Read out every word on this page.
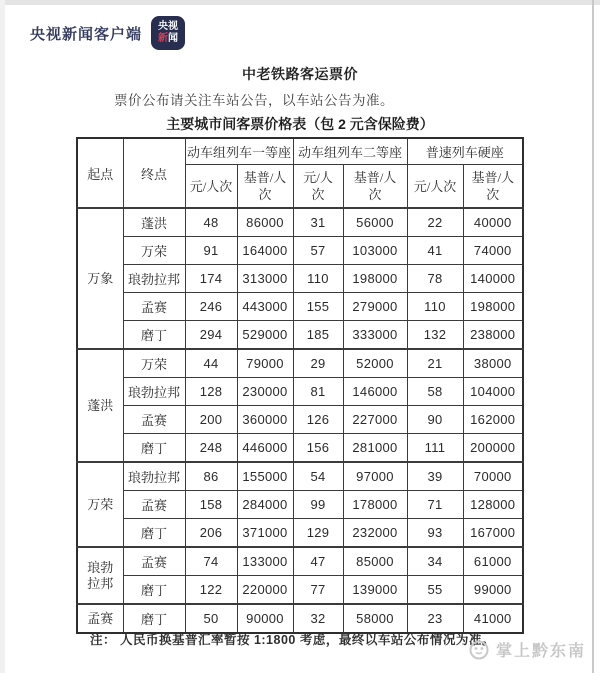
央视新闻客户端 央视
新闻
中老铁路客运票价
票价公布请关注车站公告，以车站公告为准。
主要城市间客票价格表（包 2 元含保险费）
起点	终点	动车组列车一等座		动车组列车二等座		普速列车硬座	
		元/人次	基普/人次	元/人次	基普/人次	元/人次	基普/人次
万象	蓬洪	48	86000	31	56000	22	40000
	万荣	91	164000	57	103000	41	74000
	琅勃拉邦	174	313000	110	198000	78	140000
	孟赛	246	443000	155	279000	110	198000
	磨丁	294	529000	185	333000	132	238000
蓬洪	万荣	44	79000	29	52000	21	38000
	琅勃拉邦	128	230000	81	146000	58	104000
	孟赛	200	360000	126	227000	90	162000
	磨丁	248	446000	156	281000	111	200000
万荣	琅勃拉邦	86	155000	54	97000	39	70000
	孟赛	158	284000	99	178000	71	128000
	磨丁	206	371000	129	232000	93	167000
琅勃拉邦	孟赛	74	133000	47	85000	34	61000
	磨丁	122	220000	77	139000	55	99000
孟赛	磨丁	50	90000	32	58000	23	41000
注： 人民币换基普汇率暂按 1:1800 考虑，最终以车站公布情况为准。
掌上黔东南
